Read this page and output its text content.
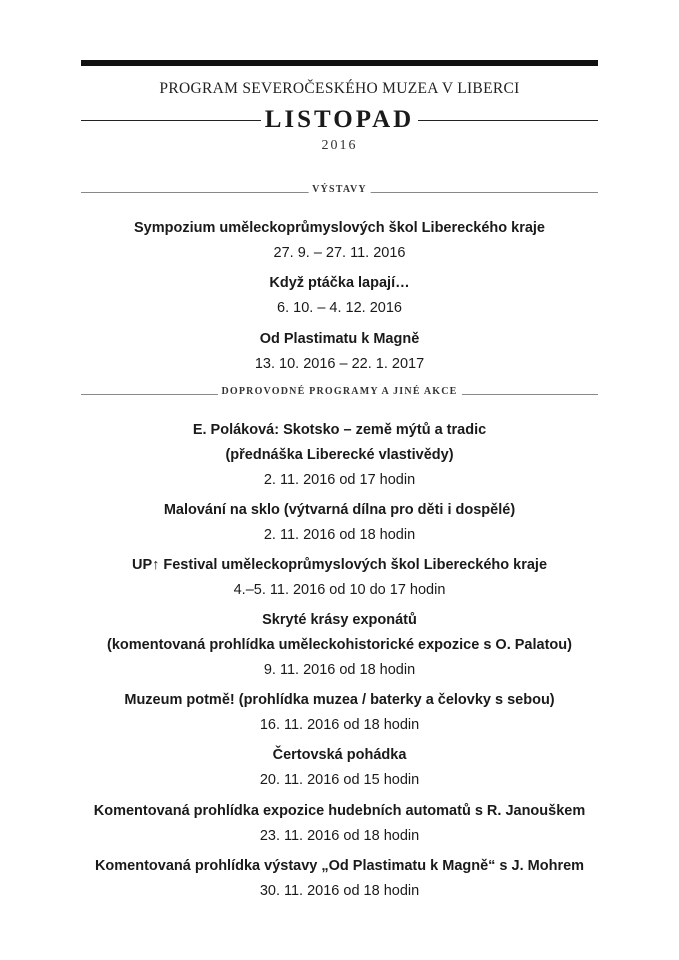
PROGRAM SEVEROČESKÉHO MUZEA V LIBERCI
LISTOPAD
2016
VÝSTAVY
Sympozium uměleckoprůmyslových škol Libereckého kraje
27. 9. – 27. 11. 2016
Když ptáčka lapají…
6. 10. – 4. 12. 2016
Od Plastimatu k Magně
13. 10. 2016 – 22. 1. 2017
DOPROVODNÉ PROGRAMY A JINÉ AKCE
E. Poláková: Skotsko – země mýtů a tradic
(přednáška Liberecké vlastivědy)
2. 11. 2016 od 17 hodin
Malování na sklo (výtvarná dílna pro děti i dospělé)
2. 11. 2016 od 18 hodin
UP↑ Festival uměleckoprůmyslových škol Libereckého kraje
4.–5. 11. 2016 od 10 do 17 hodin
Skryté krásy exponátů
(komentovaná prohlídka uměleckohistorické expozice s O. Palatou)
9. 11. 2016 od 18 hodin
Muzeum potmě! (prohlídka muzea / baterky a čelovky s sebou)
16. 11. 2016 od 18 hodin
Čertovská pohádka
20. 11. 2016 od 15 hodin
Komentovaná prohlídka expozice hudebních automatů s R. Janouškem
23. 11. 2016 od 18 hodin
Komentovaná prohlídka výstavy „Od Plastimatu k Magně“ s J. Mohrem
30. 11. 2016 od 18 hodin
